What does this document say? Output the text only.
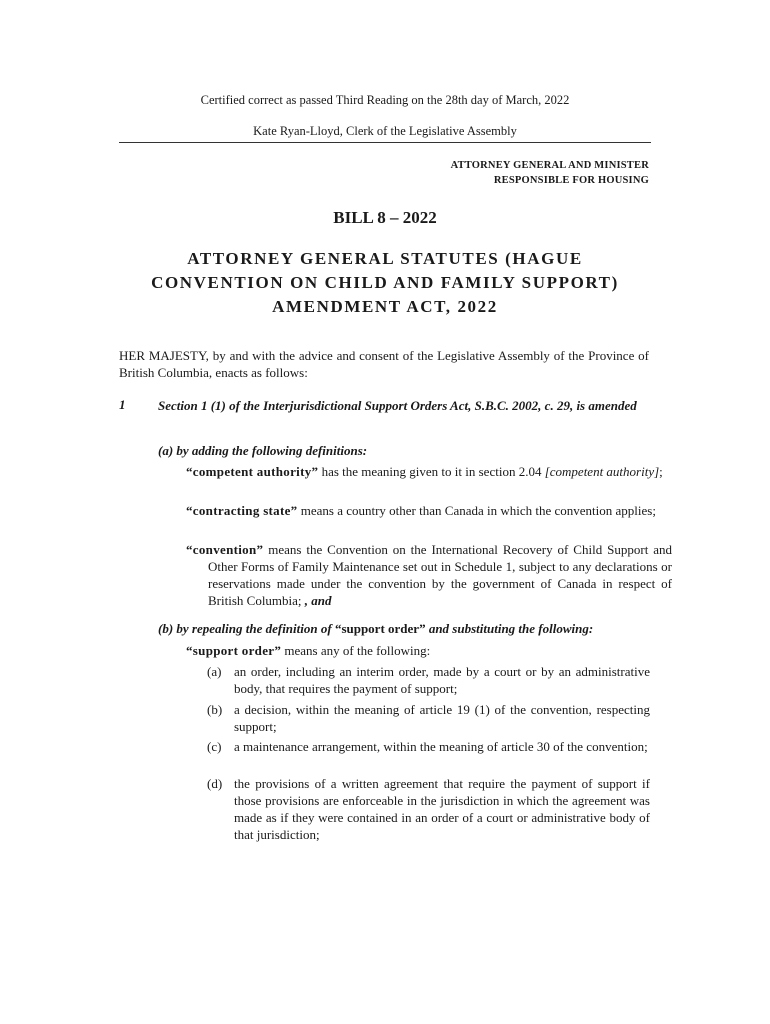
Certified correct as passed Third Reading on the 28th day of March, 2022
Kate Ryan-Lloyd, Clerk of the Legislative Assembly
ATTORNEY GENERAL AND MINISTER
RESPONSIBLE FOR HOUSING
BILL 8 – 2022

ATTORNEY GENERAL STATUTES (HAGUE CONVENTION ON CHILD AND FAMILY SUPPORT) AMENDMENT ACT, 2022

HER MAJESTY, by and with the advice and consent of the Legislative Assembly of the Province of British Columbia, enacts as follows:

1	Section 1 (1) of the Interjurisdictional Support Orders Act, S.B.C. 2002, c. 29, is amended

(a) by adding the following definitions:

“competent authority” has the meaning given to it in section 2.04 [competent authority];

“contracting state” means a country other than Canada in which the convention applies;

“convention” means the Convention on the International Recovery of Child Support and Other Forms of Family Maintenance set out in Schedule 1, subject to any declarations or reservations made under the convention by the government of Canada in respect of British Columbia; , and

(b) by repealing the definition of “support order” and substituting the following:

“support order” means any of the following:

(a) an order, including an interim order, made by a court or by an administrative body, that requires the payment of support;
(b) a decision, within the meaning of article 19 (1) of the convention, respecting support;
(c) a maintenance arrangement, within the meaning of article 30 of the convention;
(d) the provisions of a written agreement that require the payment of support if those provisions are enforceable in the jurisdiction in which the agreement was made as if they were contained in an order of a court or administrative body of that jurisdiction;
